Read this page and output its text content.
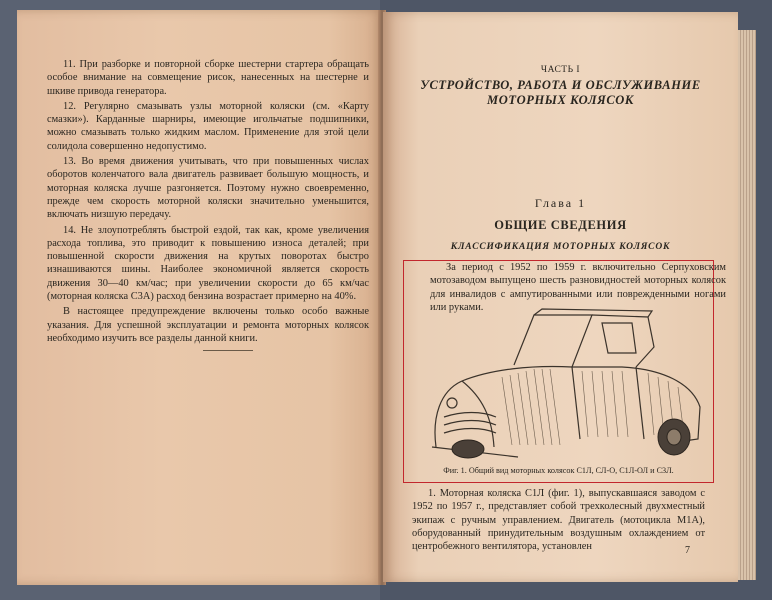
11. При разборке и повторной сборке шестерни стартера обращать особое внимание на совмещение рисок, нанесенных на шестерне и шкиве привода генератора.

12. Регулярно смазывать узлы моторной коляски (см. «Карту смазки»). Карданные шарниры, имеющие игольчатые подшипники, можно смазывать только жидким маслом. Применение для этой цели солидола совершенно недопустимо.

13. Во время движения учитывать, что при повышенных числах оборотов коленчатого вала двигатель развивает большую мощность, и моторная коляска лучше разгоняется. Поэтому нужно своевременно, прежде чем скорость моторной коляски значительно уменьшится, включать низшую передачу.

14. Не злоупотреблять быстрой ездой, так как, кроме увеличения расхода топлива, это приводит к повышению износа деталей; при повышенной скорости движения на крутых поворотах быстро изнашиваются шины. Наиболее экономичной является скорость движения 30—40 км/час; при увеличении скорости до 65 км/час (моторная коляска С3А) расход бензина возрастает примерно на 40%.

В настоящее предупреждение включены только особо важные указания. Для успешной эксплуатации и ремонта моторных колясок необходимо изучить все разделы данной книги.

ЧАСТЬ I
УСТРОЙСТВО, РАБОТА И ОБСЛУЖИВАНИЕ МОТОРНЫХ КОЛЯСОК
Глава 1
ОБЩИЕ СВЕДЕНИЯ
КЛАССИФИКАЦИЯ МОТОРНЫХ КОЛЯСОК

За период с 1952 по 1959 г. включительно Серпуховским мотозаводом выпущено шесть разновидностей моторных колясок для инвалидов с ампутированными или поврежденными ногами или руками.

Фиг. 1. Общий вид моторных колясок С1Л, СЛ-О, С1Л-ОЛ и С3Л.

1. Моторная коляска С1Л (фиг. 1), выпускавшаяся заводом с 1952 по 1957 г., представляет собой трехколесный двухместный экипаж с ручным управлением. Двигатель (мотоцикла М1А), оборудованный принудительным воздушным охлаждением от центробежного вентилятора, установлен	7
